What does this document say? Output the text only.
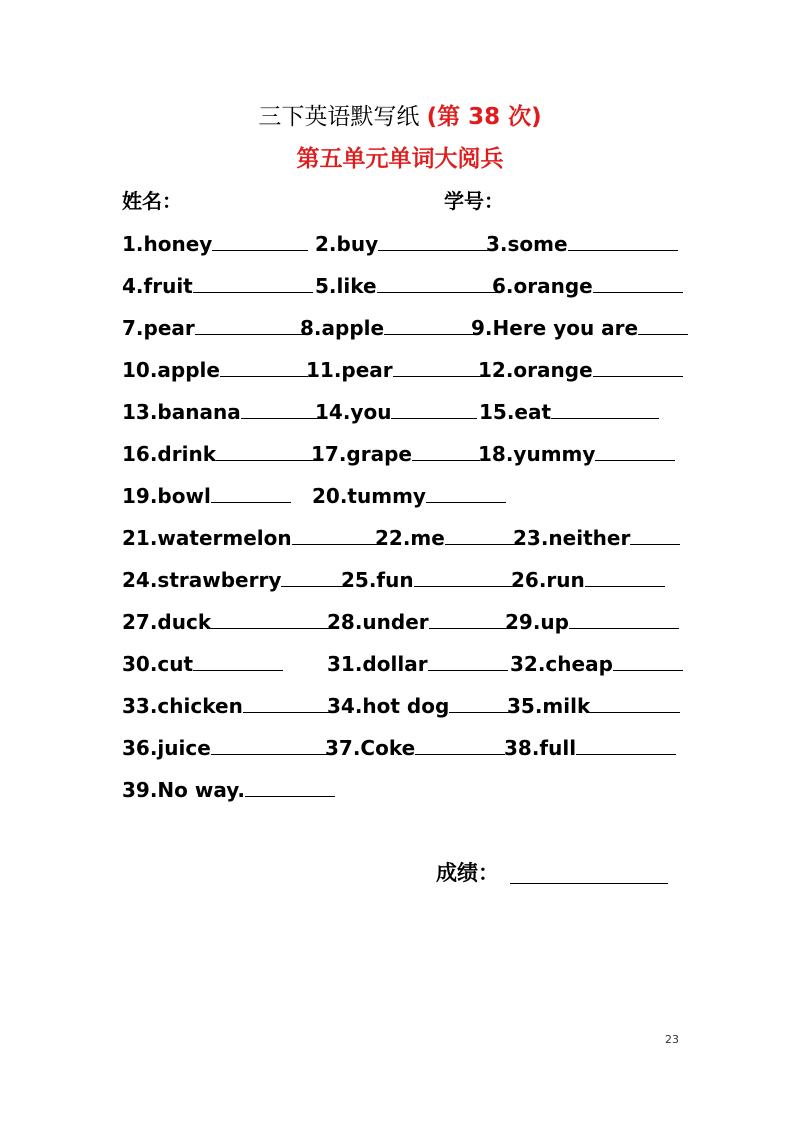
三下英语默写纸 (第 38 次)
第五单元单词大阅兵
姓名：	学号：
1.honey	2.buy	3.some
4.fruit	5.like	6.orange
7.pear	8.apple	9.Here you are
10.apple	11.pear	12.orange
13.banana	14.you	15.eat
16.drink	17.grape	18.yummy
19.bowl	20.tummy
21.watermelon	22.me	23.neither
24.strawberry	25.fun	26.run
27.duck	28.under	29.up
30.cut	31.dollar	32.cheap
33.chicken	34.hot dog	35.milk
36.juice	37.Coke	38.full
39.No way.
成绩：
23
